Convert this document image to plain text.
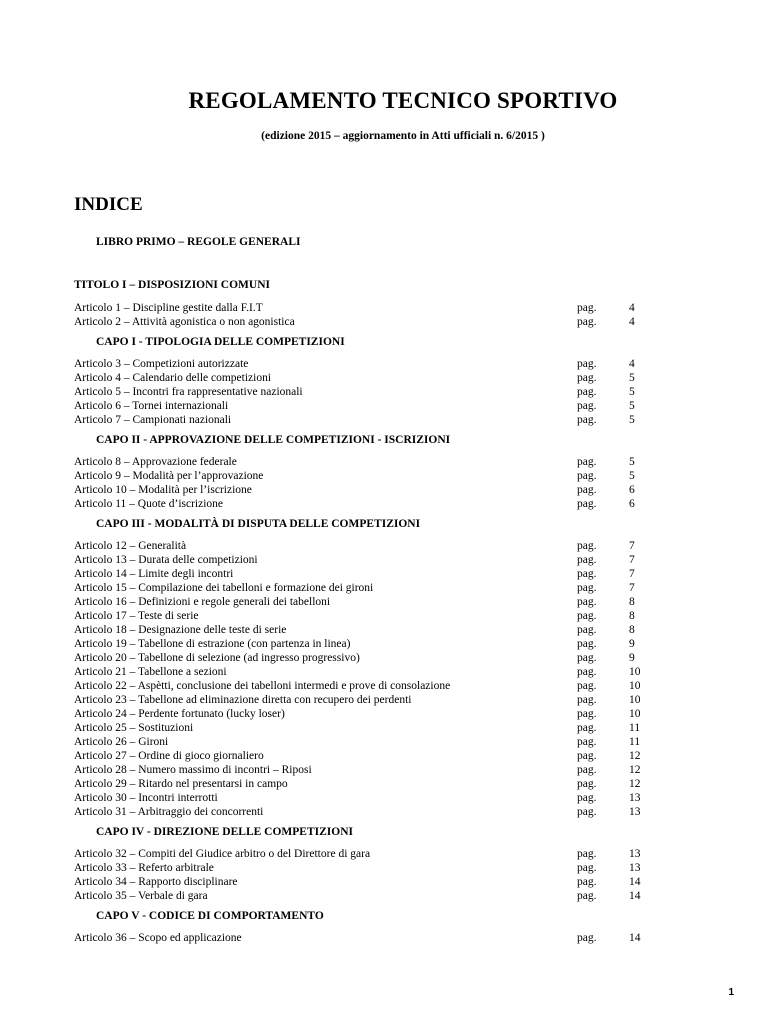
REGOLAMENTO TECNICO SPORTIVO
(edizione 2015 – aggiornamento in Atti ufficiali n. 6/2015 )
INDICE
LIBRO PRIMO – REGOLE GENERALI
TITOLO I – DISPOSIZIONI COMUNI
Articolo 1 – Discipline gestite dalla F.I.T	pag.	4
Articolo 2 – Attività agonistica o non agonistica	pag.	4
CAPO I - TIPOLOGIA DELLE COMPETIZIONI
Articolo 3 – Competizioni autorizzate	pag.	4
Articolo 4 – Calendario delle competizioni	pag.	5
Articolo 5 – Incontri fra rappresentative nazionali	pag.	5
Articolo 6 – Tornei internazionali	pag.	5
Articolo 7 – Campionati nazionali	pag.	5
CAPO II - APPROVAZIONE DELLE COMPETIZIONI - ISCRIZIONI
Articolo 8 – Approvazione federale	pag.	5
Articolo 9 – Modalità per l’approvazione	pag.	5
Articolo 10 – Modalità per l’iscrizione	pag.	6
Articolo 11 – Quote d’iscrizione	pag.	6
CAPO III - MODALITÀ DI DISPUTA DELLE COMPETIZIONI
Articolo 12 – Generalità	pag.	7
Articolo 13 – Durata delle competizioni	pag.	7
Articolo 14 – Limite degli incontri	pag.	7
Articolo 15 – Compilazione dei tabelloni e formazione dei gironi	pag.	7
Articolo 16 – Definizioni e regole generali dei tabelloni	pag.	8
Articolo 17 – Teste di serie	pag.	8
Articolo 18 – Designazione delle teste di serie	pag.	8
Articolo 19 – Tabellone di estrazione (con partenza in linea)	pag.	9
Articolo 20 – Tabellone di selezione (ad ingresso progressivo)	pag.	9
Articolo 21 – Tabellone a sezioni	pag.	10
Articolo 22 – Aspètti, conclusione dei tabelloni intermedi e prove di consolazione	pag.	10
Articolo 23 – Tabellone ad eliminazione diretta con recupero dei perdenti	pag.	10
Articolo 24 – Perdente fortunato (lucky loser)	pag.	10
Articolo 25 – Sostituzioni	pag.	11
Articolo 26 – Gironi	pag.	11
Articolo 27 – Ordine di gioco giornaliero	pag.	12
Articolo 28 – Numero massimo di incontri – Riposi	pag.	12
Articolo 29 – Ritardo nel presentarsi in campo	pag.	12
Articolo 30 – Incontri interrotti	pag.	13
Articolo 31 – Arbitraggio dei concorrenti	pag.	13
CAPO IV - DIREZIONE DELLE COMPETIZIONI
Articolo 32 – Compiti del Giudice arbitro o del Direttore di gara	pag.	13
Articolo 33 – Referto arbitrale	pag.	13
Articolo 34 – Rapporto disciplinare	pag.	14
Articolo 35 – Verbale di gara	pag.	14
CAPO V - CODICE DI COMPORTAMENTO
Articolo 36 – Scopo ed applicazione	pag.	14
1
